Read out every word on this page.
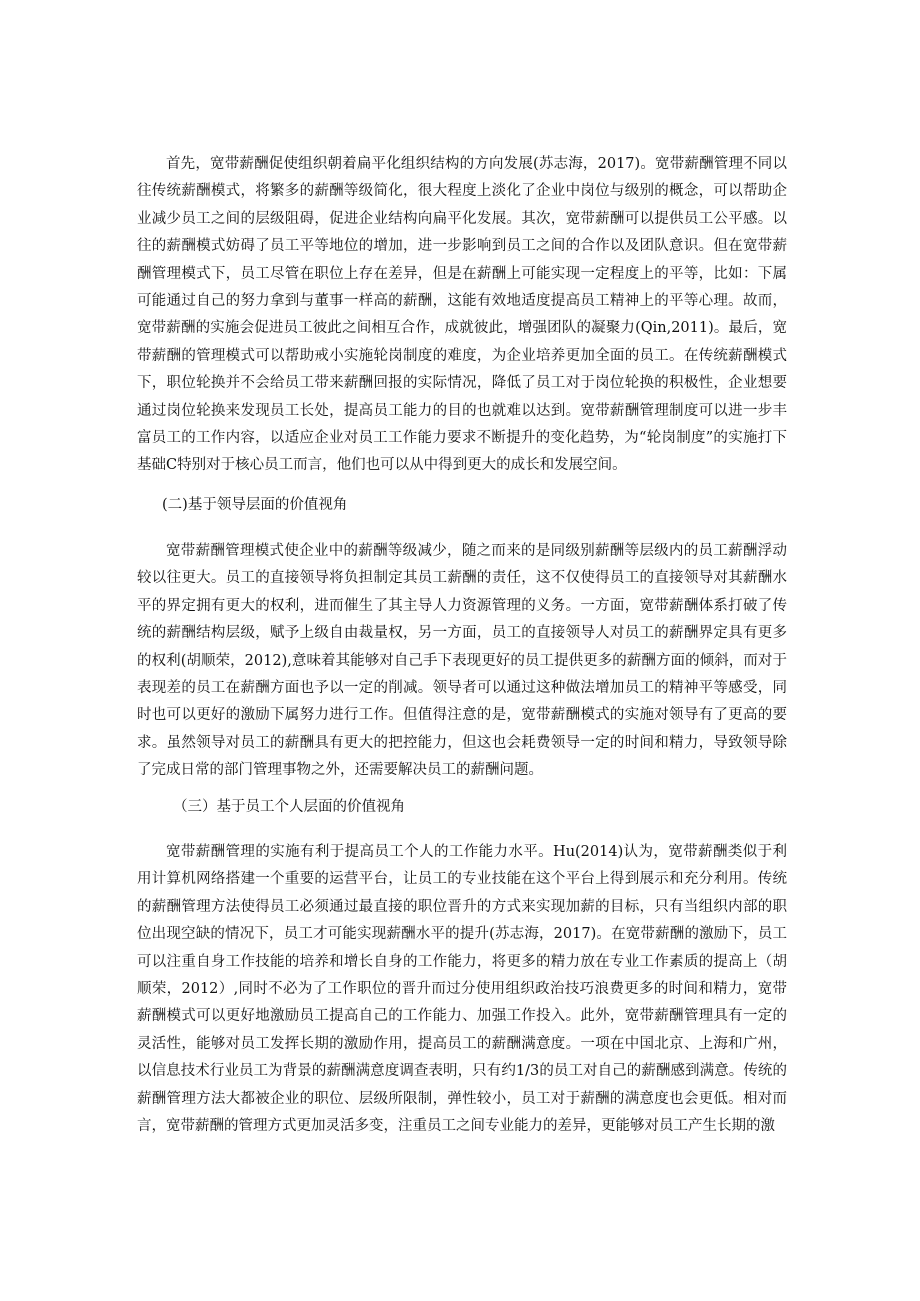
首先，宽带薪酬促使组织朝着扁平化组织结构的方向发展(苏志海，2017)。宽带薪酬管理不同以往传统薪酬模式，将繁多的薪酬等级简化，很大程度上淡化了企业中岗位与级别的概念，可以帮助企业减少员工之间的层级阻碍，促进企业结构向扁平化发展。其次，宽带薪酬可以提供员工公平感。以往的薪酬模式妨碍了员工平等地位的增加，进一步影响到员工之间的合作以及团队意识。但在宽带薪酬管理模式下，员工尽管在职位上存在差异，但是在薪酬上可能实现一定程度上的平等，比如：下属可能通过自己的努力拿到与董事一样高的薪酬，这能有效地适度提高员工精神上的平等心理。故而，宽带薪酬的实施会促进员工彼此之间相互合作，成就彼此，增强团队的凝聚力(Qin,2011)。最后，宽带薪酬的管理模式可以帮助戒小实施轮岗制度的难度，为企业培养更加全面的员工。在传统薪酬模式下，职位轮换并不会给员工带来薪酬回报的实际情况，降低了员工对于岗位轮换的积极性，企业想要通过岗位轮换来发现员工长处，提高员工能力的目的也就难以达到。宽带薪酬管理制度可以进一步丰富员工的工作内容，以适应企业对员工工作能力要求不断提升的变化趋势，为“轮岗制度”的实施打下基础C特别对于核心员工而言，他们也可以从中得到更大的成长和发展空间。

(二)基于领导层面的价值视角

宽带薪酬管理模式使企业中的薪酬等级减少，随之而来的是同级别薪酬等层级内的员工薪酬浮动较以往更大。员工的直接领导将负担制定其员工薪酬的责任，这不仅使得员工的直接领导对其薪酬水平的界定拥有更大的权利，进而催生了其主导人力资源管理的义务。一方面，宽带薪酬体系打破了传统的薪酬结构层级，赋予上级自由裁量权，另一方面，员工的直接领导人对员工的薪酬界定具有更多的权利(胡顺荣，2012),意味着其能够对自己手下表现更好的员工提供更多的薪酬方面的倾斜，而对于表现差的员工在薪酬方面也予以一定的削减。领导者可以通过这种做法增加员工的精神平等感受，同时也可以更好的激励下属努力进行工作。但值得注意的是，宽带薪酬模式的实施对领导有了更高的要求。虽然领导对员工的薪酬具有更大的把控能力，但这也会耗费领导一定的时间和精力，导致领导除了完成日常的部门管理事物之外，还需要解决员工的薪酬问题。

（三）基于员工个人层面的价值视角

宽带薪酬管理的实施有利于提高员工个人的工作能力水平。Hu(2014)认为，宽带薪酬类似于利用计算机网络搭建一个重要的运营平台，让员工的专业技能在这个平台上得到展示和充分利用。传统的薪酬管理方法使得员工必须通过最直接的职位晋升的方式来实现加薪的目标，只有当组织内部的职位出现空缺的情况下，员工才可能实现薪酬水平的提升(苏志海，2017)。在宽带薪酬的激励下，员工可以注重自身工作技能的培养和增长自身的工作能力，将更多的精力放在专业工作素质的提高上（胡顺荣，2012）,同时不必为了工作职位的晋升而过分使用组织政治技巧浪费更多的时间和精力，宽带薪酬模式可以更好地激励员工提高自己的工作能力、加强工作投入。此外，宽带薪酬管理具有一定的灵活性，能够对员工发挥长期的激励作用，提高员工的薪酬满意度。一项在中国北京、上海和广州，以信息技术行业员工为背景的薪酬满意度调查表明，只有约1/3的员工对自己的薪酬感到满意。传统的薪酬管理方法大都被企业的职位、层级所限制，弹性较小，员工对于薪酬的满意度也会更低。相对而言，宽带薪酬的管理方式更加灵活多变，注重员工之间专业能力的差异，更能够对员工产生长期的激
